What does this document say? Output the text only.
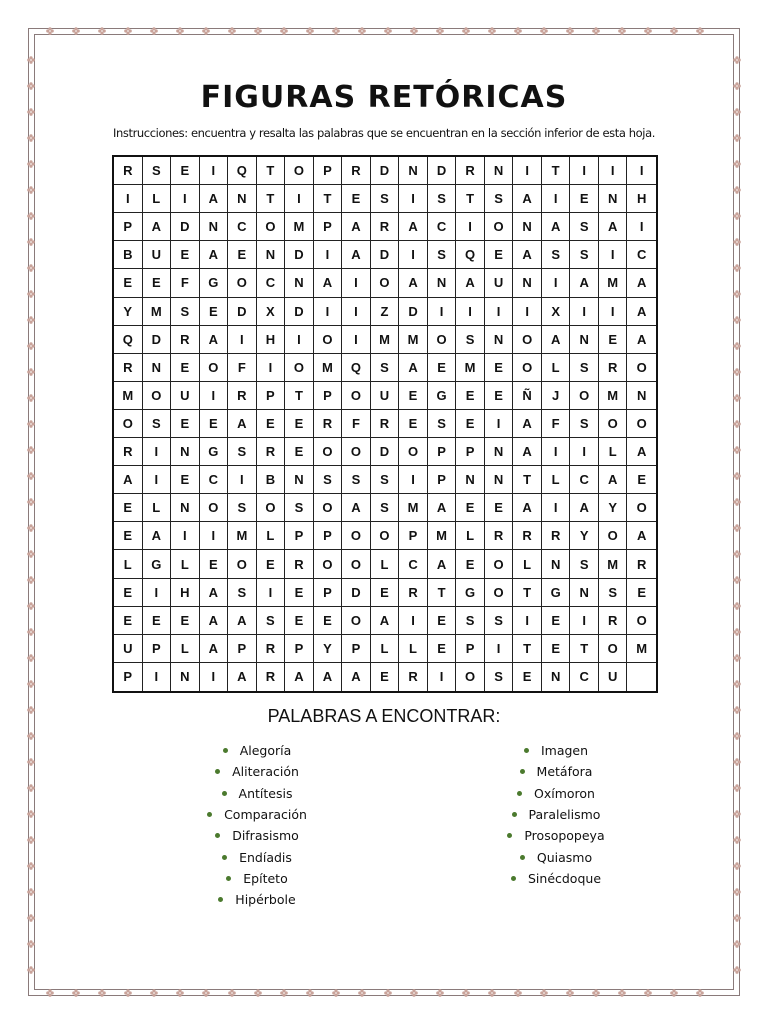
FIGURAS RETÓRICAS
Instrucciones: encuentra y resalta las palabras que se encuentran en la sección inferior de esta hoja.
R	S	E	I	Q	T	O	P	R	D	N	D	R	N	I	T	I	I	I
I	L	I	A	N	T	I	T	E	S	I	S	T	S	A	I	E	N	H
P	A	D	N	C	O	M	P	A	R	A	C	I	O	N	A	S	A	I
B	U	E	A	E	N	D	I	A	D	I	S	Q	E	A	S	S	I	C
E	E	F	G	O	C	N	A	I	O	A	N	A	U	N	I	A	M	A
Y	M	S	E	D	X	D	I	I	Z	D	I	I	I	I	X	I	I	A
Q	D	R	A	I	H	I	O	I	M	M	O	S	N	O	A	N	E	A
R	N	E	O	F	I	O	M	Q	S	A	E	M	E	O	L	S	R	O
M	O	U	I	R	P	T	P	O	U	E	G	E	E	Ñ	J	O	M	N
O	S	E	E	A	E	E	R	F	R	E	S	E	I	A	F	S	O	O
R	I	N	G	S	R	E	O	O	D	O	P	P	N	A	I	I	L	A
A	I	E	C	I	B	N	S	S	S	I	P	N	N	T	L	C	A	E
E	L	N	O	S	O	S	O	A	S	M	A	E	E	A	I	A	Y	O
E	A	I	I	M	L	P	P	O	O	P	M	L	R	R	R	Y	O	A
L	G	L	E	O	E	R	O	O	L	C	A	E	O	L	N	S	M	R
E	I	H	A	S	I	E	P	D	E	R	T	G	O	T	G	N	S	E
E	E	E	A	A	S	E	E	O	A	I	E	S	S	I	E	I	R	O
U	P	L	A	P	R	P	Y	P	L	L	E	P	I	T	E	T	O	M
P	I	N	I	A	R	A	A	A	E	R	I	O	S	E	N	C	U
PALABRAS A ENCONTRAR:
Alegoría
Aliteración
Antítesis
Comparación
Difrasismo
Endíadis
Epíteto
Hipérbole
Imagen
Metáfora
Oxímoron
Paralelismo
Prosopopeya
Quiasmo
Sinécdoque
